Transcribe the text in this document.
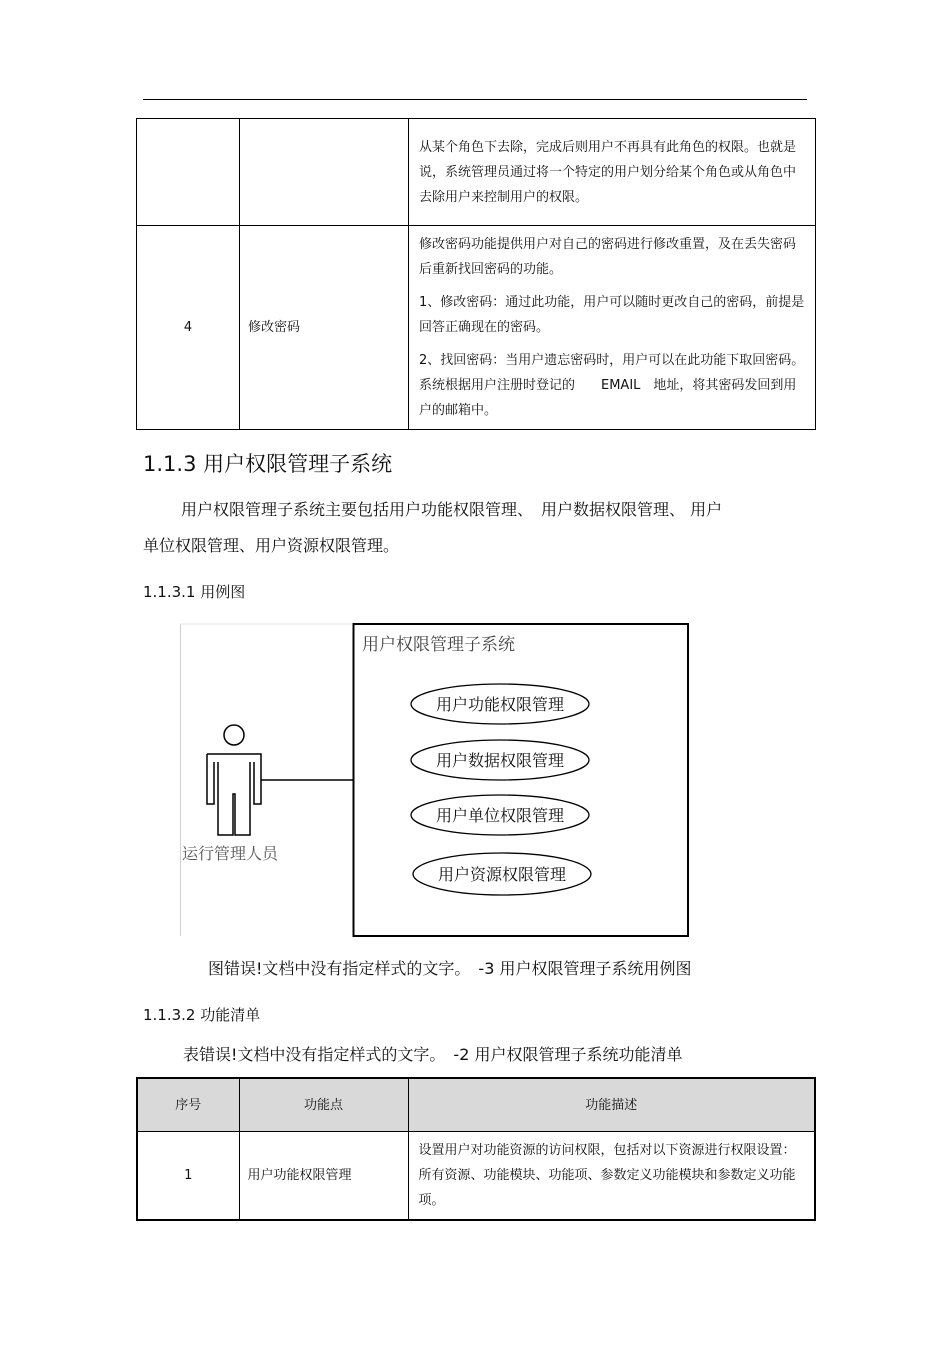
		从某个角色下去除，完成后则用户不再具有此角色的权限。也就是说，系统管理员通过将一个特定的用户划分给某个角色或从角色中去除用户来控制用户的权限。

4	修改密码	修改密码功能提供用户对自己的密码进行修改重置，及在丢失密码后重新找回密码的功能。

1、修改密码：通过此功能，用户可以随时更改自己的密码，前提是回答正确现在的密码。

2、找回密码：当用户遗忘密码时，用户可以在此功能下取回密码。系统根据用户注册时登记的　　EMAIL　地址，将其密码发回到用户的邮箱中。

1.1.3 用户权限管理子系统
用户权限管理子系统主要包括用户功能权限管理、　用户数据权限管理、 用户
单位权限管理、用户资源权限管理。
1.1.3.1 用例图
用户权限管理子系统
运行管理人员
用户功能权限管理
用户数据权限管理
用户单位权限管理
用户资源权限管理
图错误!文档中没有指定样式的文字。　-3 用户权限管理子系统用例图
1.1.3.2 功能清单
表错误!文档中没有指定样式的文字。　-2 用户权限管理子系统功能清单
序号	功能点	功能描述
1	用户功能权限管理	设置用户对功能资源的访问权限，包括对以下资源进行权限设置：所有资源、功能模块、功能项、参数定义功能模块和参数定义功能项。
